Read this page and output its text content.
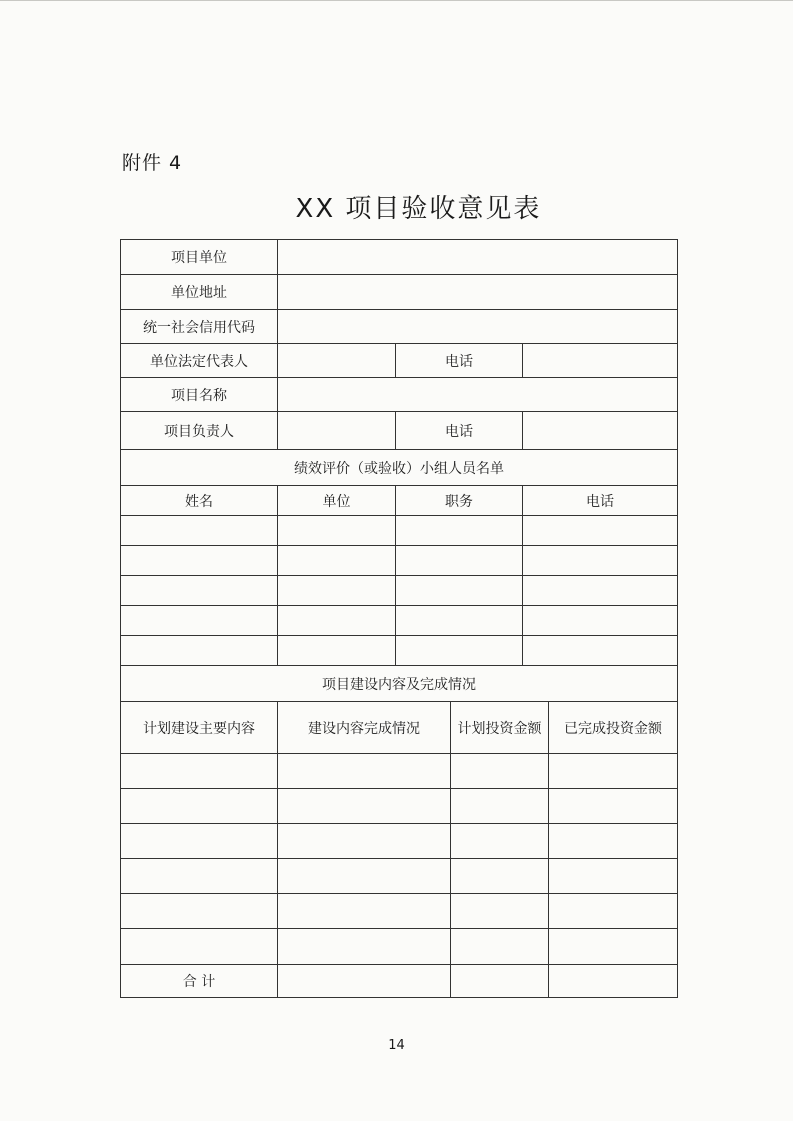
附件 4
XX 项目验收意见表
项目单位					
单位地址					
统一社会信用代码					
单位法定代表人		电话			
项目名称					
项目负责人		电话			
绩效评价（或验收）小组人员名单					
姓名	单位	职务		电话	

项目建设内容及完成情况					
计划建设主要内容	建设内容完成情况		计划投资金额		已完成投资金额

合 计					
14
